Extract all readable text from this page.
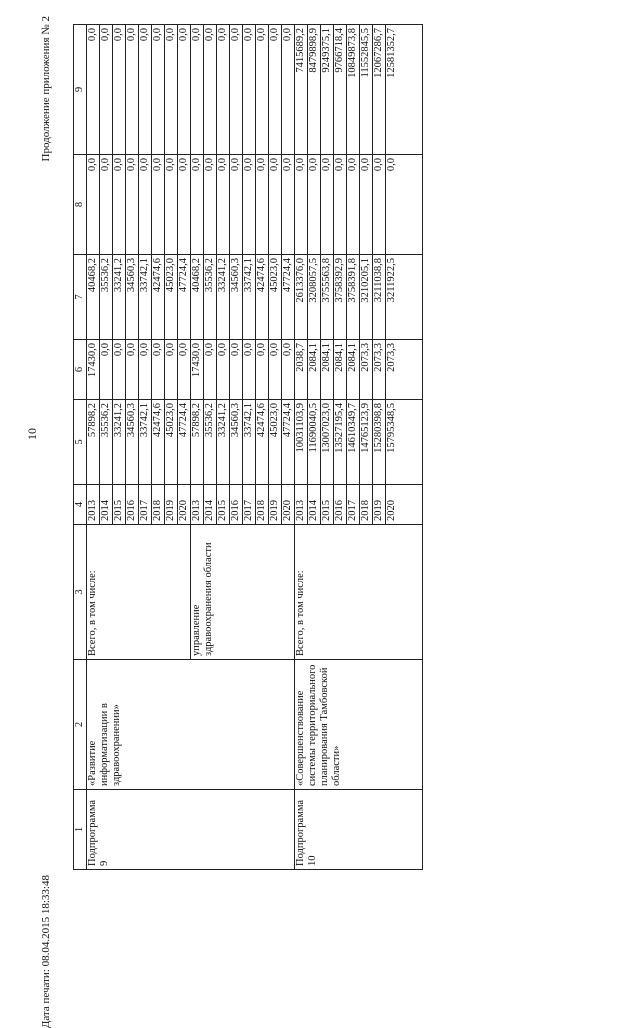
10
Продолжение приложения № 2
Дата печати: 08.04.2015 18:33:48
1	2	3	4	5	6	7	8	9
Подпрограмма 9	«Развитие информатизации в здравоохранении»	Всего, в том числе:	2013	57898,2	17430,0	40468,2	0,0	0,0
			2014	35536,2	0,0	35536,2	0,0	0,0
			2015	33241,2	0,0	33241,2	0,0	0,0
			2016	34560,3	0,0	34560,3	0,0	0,0
			2017	33742,1	0,0	33742,1	0,0	0,0
			2018	42474,6	0,0	42474,6	0,0	0,0
			2019	45023,0	0,0	45023,0	0,0	0,0
			2020	47724,4	0,0	47724,4	0,0	0,0
		управление здравоохранения области	2013	57898,2	17430,0	40468,2	0,0	0,0
			2014	35536,2	0,0	35536,2	0,0	0,0
			2015	33241,2	0,0	33241,2	0,0	0,0
			2016	34560,3	0,0	34560,3	0,0	0,0
			2017	33742,1	0,0	33742,1	0,0	0,0
			2018	42474,6	0,0	42474,6	0,0	0,0
			2019	45023,0	0,0	45023,0	0,0	0,0
			2020	47724,4	0,0	47724,4	0,0	0,0
Подпрограмма 10	«Совершенствование системы территориального планирования Тамбовской области»	Всего, в том числе:	2013	10031103,9	2038,7	2613376,0	0,0	7415689,2
			2014	11690040,5	2084,1	3208057,5	0,0	8479898,9
			2015	13007023,0	2084,1	3755563,8	0,0	9249375,1
			2016	13527195,4	2084,1	3758392,9	0,0	9766718,4
			2017	14610349,7	2084,1	3758391,8	0,0	10849873,8
			2018	14765123,9	2073,3	3210205,1	0,0	11552845,5
			2019	15280398,8	2073,3	3211038,8	0,0	12067286,7
			2020	15795348,5	2073,3	3211922,5	0,0	12581352,7
